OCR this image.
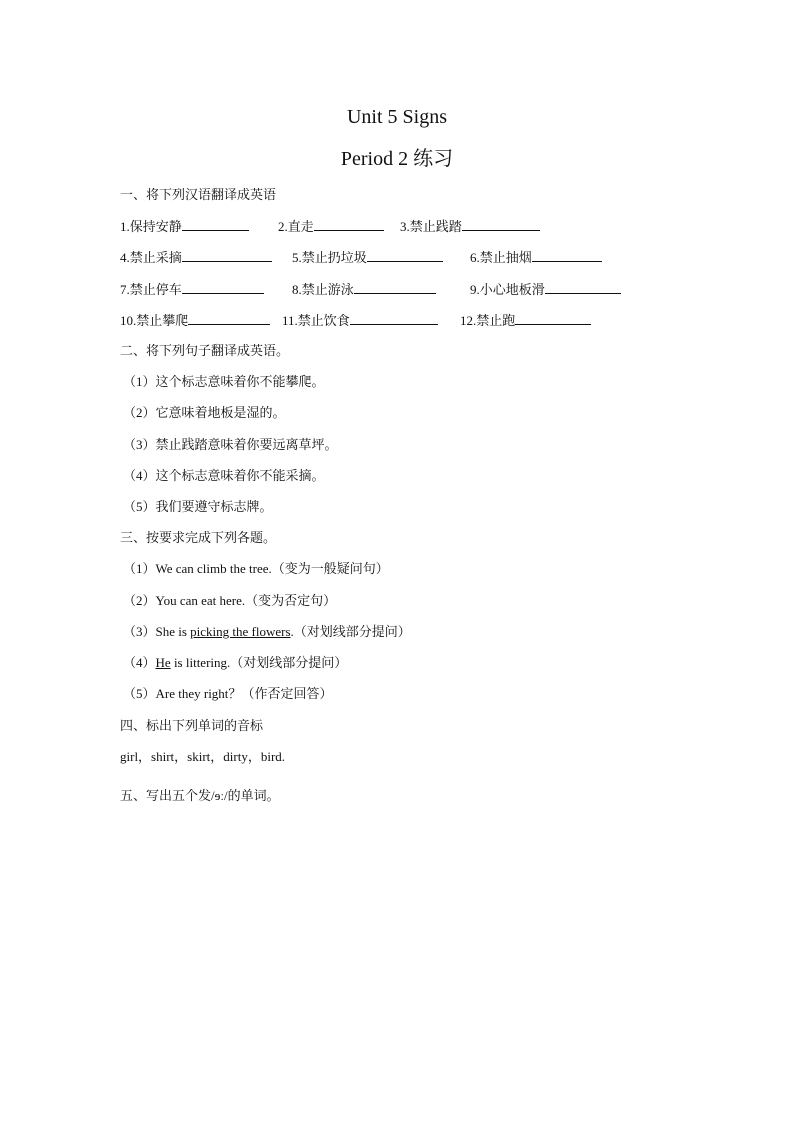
Unit 5 Signs
Period 2 练习
一、将下列汉语翻译成英语
1.保持安静	2.直走	3.禁止践踏
4.禁止采摘	5.禁止扔垃圾	6.禁止抽烟
7.禁止停车	8.禁止游泳	9.小心地板滑
10.禁止攀爬	11.禁止饮食	12.禁止跑
二、将下列句子翻译成英语。
（1）这个标志意味着你不能攀爬。
（2）它意味着地板是湿的。
（3）禁止践踏意味着你要远离草坪。
（4）这个标志意味着你不能采摘。
（5）我们要遵守标志牌。
三、按要求完成下列各题。
（1）We can climb the tree.（变为一般疑问句）
（2）You can eat here.（变为否定句）
（3）She is picking the flowers.（对划线部分提问）
（4）He is littering.（对划线部分提问）
（5）Are they right？（作否定回答）
四、标出下列单词的音标
girl，shirt，skirt，dirty，bird.
五、写出五个发/ɘː/的单词。
